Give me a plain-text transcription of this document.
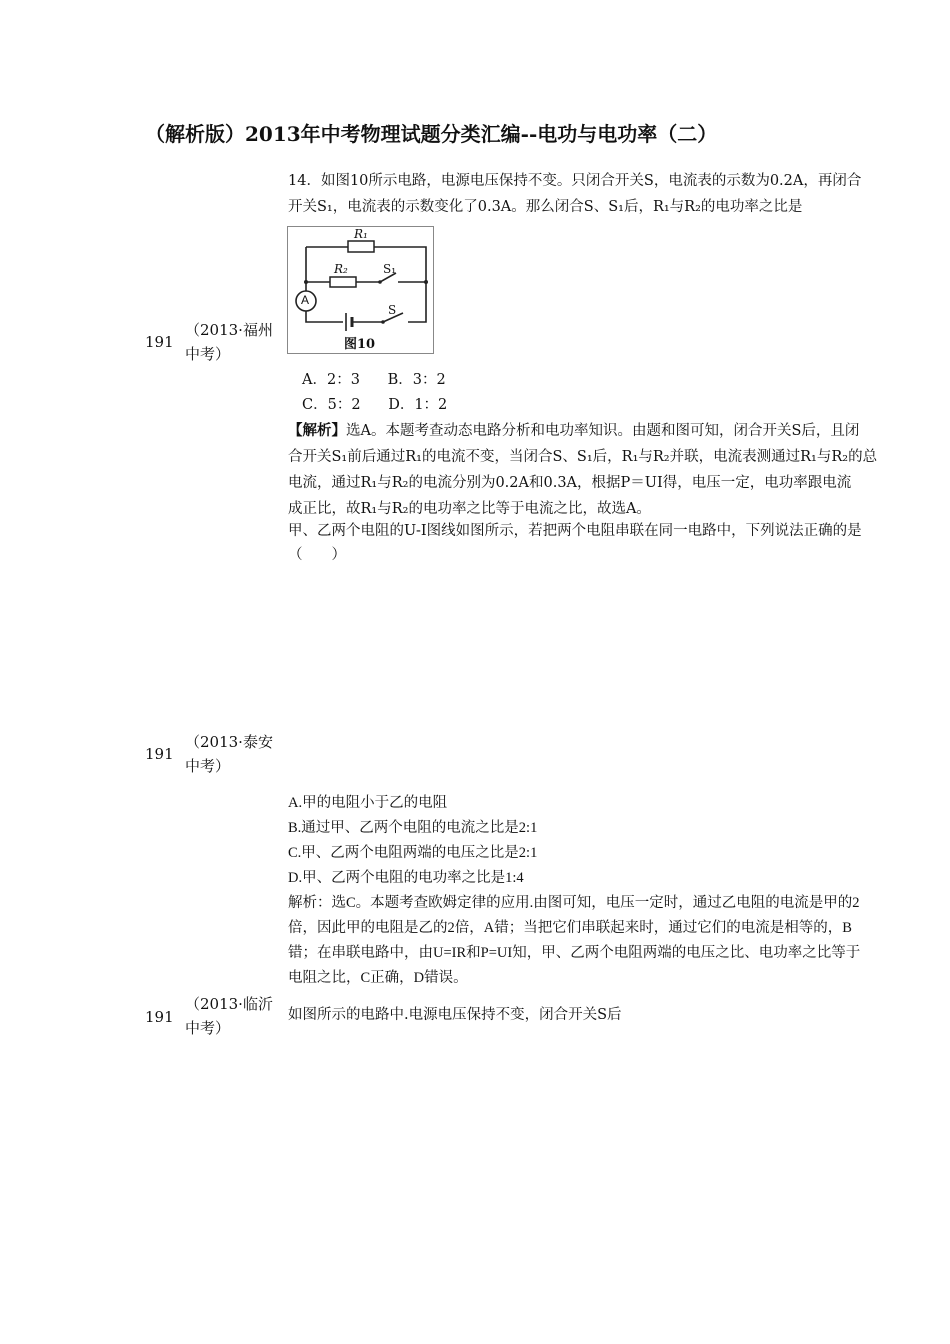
（解析版）2013年中考物理试题分类汇编--电功与电功率（二）
191
（2013·福州中考）
14．如图10所示电路，电源电压保持不变。只闭合开关S，电流表的示数为0.2A，再闭合
开关S₁，电流表的示数变化了0.3A。那么闭合S、S₁后，R₁与R₂的电功率之比是
R₁
R₂	S₁
A
S
图10
A．2：3      B．3：2
C．5：2      D．1：2
【解析】选A。本题考查动态电路分析和电功率知识。由题和图可知，闭合开关S后，且闭
合开关S₁前后通过R₁的电流不变，当闭合S、S₁后，R₁与R₂并联，电流表测通过R₁与R₂的总
电流，通过R₁与R₂的电流分别为0.2A和0.3A，根据P＝UI得，电压一定，电功率跟电流
成正比，故R₁与R₂的电功率之比等于电流之比，故选A。
甲、乙两个电阻的U-I图线如图所示，若把两个电阻串联在同一电路中，下列说法正确的是
（　　）
191
（2013·泰安中考）
A.甲的电阻小于乙的电阻
B.通过甲、乙两个电阻的电流之比是2:1
C.甲、乙两个电阻两端的电压之比是2:1
D.甲、乙两个电阻的电功率之比是1:4
解析：选C。本题考查欧姆定律的应用.由图可知，电压一定时，通过乙电阻的电流是甲的2
倍，因此甲的电阻是乙的2倍，A错；当把它们串联起来时，通过它们的电流是相等的，B
错；在串联电路中，由U=IR和P=UI知，甲、乙两个电阻两端的电压之比、电功率之比等于
电阻之比，C正确，D错误。
191
（2013·临沂中考）
如图所示的电路中.电源电压保持不变，闭合开关S后
